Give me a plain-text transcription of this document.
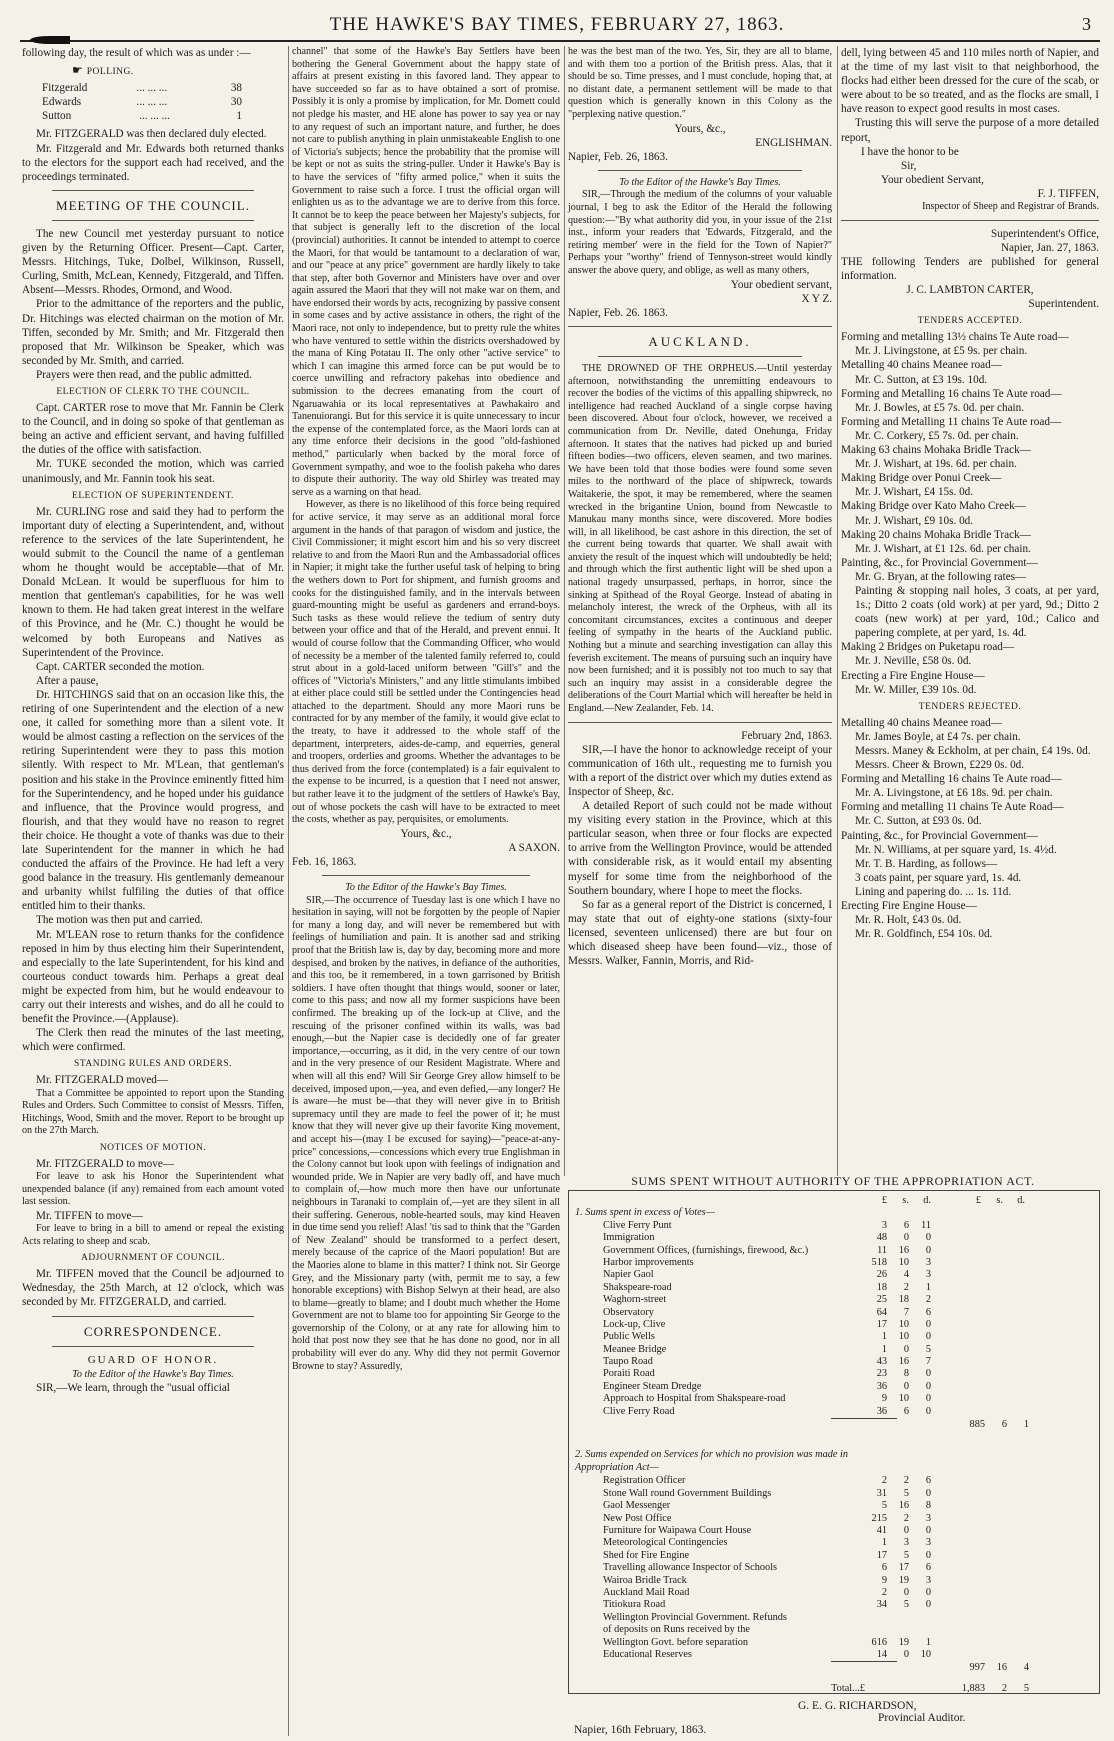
THE HAWKE'S BAY TIMES, FEBRUARY 27, 1863.	3

following day, the result of which was as under :—

☛ POLLING.
Fitzgerald	... ... ...	38
Edwards	... ... ...	30
Sutton	... ... ...	1

Mr. FITZGERALD was then declared duly elected.

Mr. Fitzgerald and Mr. Edwards both returned thanks to the electors for the support each had received, and the proceedings terminated.

MEETING OF THE COUNCIL.

The new Council met yesterday pursuant to notice given by the Returning Officer. Present—Capt. Carter, Messrs. Hitchings, Tuke, Dolbel, Wilkinson, Russell, Curling, Smith, McLean, Kennedy, Fitzgerald, and Tiffen. Absent—Messrs. Rhodes, Ormond, and Wood.

Prior to the admittance of the reporters and the public, Dr. Hitchings was elected chairman on the motion of Mr. Tiffen, seconded by Mr. Smith; and Mr. Fitzgerald then proposed that Mr. Wilkinson be Speaker, which was seconded by Mr. Smith, and carried.

Prayers were then read, and the public admitted.

ELECTION OF CLERK TO THE COUNCIL.

Capt. CARTER rose to move that Mr. Fannin be Clerk to the Council, and in doing so spoke of that gentleman as being an active and efficient servant, and having fulfilled the duties of the office with satisfaction.

Mr. TUKE seconded the motion, which was carried unanimously, and Mr. Fannin took his seat.

ELECTION OF SUPERINTENDENT.

Mr. CURLING rose and said they had to perform the important duty of electing a Superintendent, and, without reference to the services of the late Superintendent, he would submit to the Council the name of a gentleman whom he thought would be acceptable—that of Mr. Donald McLean. It would be superfluous for him to mention that gentleman's capabilities, for he was well known to them. He had taken great interest in the welfare of this Province, and he (Mr. C.) thought he would be welcomed by both Europeans and Natives as Superintendent of the Province.

Capt. CARTER seconded the motion.

After a pause,

Dr. HITCHINGS said that on an occasion like this, the retiring of one Superintendent and the election of a new one, it called for something more than a silent vote. It would be almost casting a reflection on the services of the retiring Superintendent were they to pass this motion silently. With respect to Mr. M'Lean, that gentleman's position and his stake in the Province eminently fitted him for the Superintendency, and he hoped under his guidance and influence, that the Province would progress, and flourish, and that they would have no reason to regret their choice. He thought a vote of thanks was due to their late Superintendent for the manner in which he had conducted the affairs of the Province. He had left a very good balance in the treasury. His gentlemanly demeanour and urbanity whilst fulfiling the duties of that office entitled him to their thanks.

The motion was then put and carried.

Mr. M'LEAN rose to return thanks for the confidence reposed in him by thus electing him their Superintendent, and especially to the late Superintendent, for his kind and courteous conduct towards him. Perhaps a great deal might be expected from him, but he would endeavour to carry out their interests and wishes, and do all he could to benefit the Province.—(Applause).

The Clerk then read the minutes of the last meeting, which were confirmed.

STANDING RULES AND ORDERS.

Mr. FITZGERALD moved—

That a Committee be appointed to report upon the Standing Rules and Orders. Such Committee to consist of Messrs. Tiffen, Hitchings, Wood, Smith and the mover. Report to be brought up on the 27th March.

NOTICES OF MOTION.

Mr. FITZGERALD to move—

For leave to ask his Honor the Superintendent what unexpended balance (if any) remained from each amount voted last session.

Mr. TIFFEN to move—

For leave to bring in a bill to amend or repeal the existing Acts relating to sheep and scab.

ADJOURNMENT OF COUNCIL.

Mr. TIFFEN moved that the Council be adjourned to Wednesday, the 25th March, at 12 o'clock, which was seconded by Mr. FITZGERALD, and carried.

CORRESPONDENCE.
GUARD OF HONOR.

To the Editor of the Hawke's Bay Times.

SIR,—We learn, through the "usual official

channel" that some of the Hawke's Bay Settlers have been bothering the General Government about the happy state of affairs at present existing in this favored land. They appear to have succeeded so far as to have obtained a sort of promise. Possibly it is only a promise by implication, for Mr. Domett could not pledge his master, and HE alone has power to say yea or nay to any request of such an important nature, and further, he does not care to publish anything in plain unmistakeable English to one of Victoria's subjects; hence the probability that the promise will be kept or not as suits the string-puller. Under it Hawke's Bay is to have the services of "fifty armed police," when it suits the Government to raise such a force. I trust the official organ will enlighten us as to the advantage we are to derive from this force. It cannot be to keep the peace between her Majesty's subjects, for that subject is generally left to the discretion of the local (provincial) authorities. It cannot be intended to attempt to coerce the Maori, for that would be tantamount to a declaration of war, and our "peace at any price" government are hardly likely to take that step, after both Governor and Ministers have over and over again assured the Maori that they will not make war on them, and have endorsed their words by acts, recognizing by passive consent in some cases and by active assistance in others, the right of the Maori race, not only to independence, but to pretty rule the whites who have ventured to settle within the districts overshadowed by the mana of King Potatau II. The only other "active service" to which I can imagine this armed force can be put would be to coerce unwilling and refractory pakehas into obedience and submission to the decrees emanating from the court of Ngaruawahia or its local representatives at Pawhakairo and Tanenuiorangi. But for this service it is quite unnecessary to incur the expense of the contemplated force, as the Maori lords can at any time enforce their decisions in the good "old-fashioned method," particularly when backed by the moral force of Government sympathy, and woe to the foolish pakeha who dares to dispute their authority. The way old Shirley was treated may serve as a warning on that head.

However, as there is no likelihood of this force being required for active service, it may serve as an additional moral force argument in the hands of that paragon of wisdom and justice, the Civil Commissioner; it might escort him and his so very discreet relative to and from the Maori Run and the Ambassadorial offices in Napier; it might take the further useful task of helping to bring the wethers down to Port for shipment, and furnish grooms and cooks for the distinguished family, and in the intervals between guard-mounting might be useful as gardeners and errand-boys. Such tasks as these would relieve the tedium of sentry duty between your office and that of the Herald, and prevent ennui. It would of course follow that the Commanding Officer, who would of necessity be a member of the talented family referred to, could strut about in a gold-laced uniform between "Gill's" and the offices of "Victoria's Ministers," and any little stimulants imbibed at either place could still be settled under the Contingencies head attached to the department. Should any more Maori runs be contracted for by any member of the family, it would give eclat to the treaty, to have it addressed to the whole staff of the department, interpreters, aides-de-camp, and equerries, general and troopers, orderlies and grooms. Whether the advantages to be thus derived from the force (contemplated) is a fair equivalent to the expense to be incurred, is a question that I need not answer, but rather leave it to the judgment of the settlers of Hawke's Bay, out of whose pockets the cash will have to be extracted to meet the costs, whether as pay, perquisites, or emoluments.

Yours, &c.,

A SAXON.

Feb. 16, 1863.

To the Editor of the Hawke's Bay Times.

SIR,—The occurrence of Tuesday last is one which I have no hesitation in saying, will not be forgotten by the people of Napier for many a long day, and will never be remembered but with feelings of humiliation and pain. It is another sad and striking proof that the British law is, day by day, becoming more and more despised, and broken by the natives, in defiance of the authorities, and this too, be it remembered, in a town garrisoned by British soldiers. I have often thought that things would, sooner or later, come to this pass; and now all my former suspicions have been confirmed. The breaking up of the lock-up at Clive, and the rescuing of the prisoner confined within its walls, was bad enough,—but the Napier case is decidedly one of far greater importance,—occurring, as it did, in the very centre of our town and in the very presence of our Resident Magistrate. Where and when will all this end? Will Sir George Grey allow himself to be deceived, imposed upon,—yea, and even defied,—any longer? He is aware—he must be—that they will never give in to British supremacy until they are made to feel the power of it; he must know that they will never give up their favorite King movement, and accept his—(may I be excused for saying)—"peace-at-any-price" concessions,—concessions which every true Englishman in the Colony cannot but look upon with feelings of indignation and wounded pride. We in Napier are very badly off, and have much to complain of,—how much more then have our unfortunate neighbours in Taranaki to complain of,—yet are they silent in all their suffering. Generous, noble-hearted souls, may kind Heaven in due time send you relief! Alas! 'tis sad to think that the "Garden of New Zealand" should be transformed to a perfect desert, merely because of the caprice of the Maori population! But are the Maories alone to blame in this matter? I think not. Sir George Grey, and the Missionary party (with, permit me to say, a few honorable exceptions) with Bishop Selwyn at their head, are also to blame—greatly to blame; and I doubt much whether the Home Government are not to blame too for appointing Sir George to the governorship of the Colony, or at any rate for allowing him to hold that post now they see that he has done no good, nor in all probability will ever do any. Why did they not permit Governor Browne to stay? Assuredly,

he was the best man of the two. Yes, Sir, they are all to blame, and with them too a portion of the British press. Alas, that it should be so. Time presses, and I must conclude, hoping that, at no distant date, a permanent settlement will be made to that question which is generally known in this Colony as the "perplexing native question."

Yours, &c.,

ENGLISHMAN.

Napier, Feb. 26, 1863.

To the Editor of the Hawke's Bay Times.

SIR,—Through the medium of the columns of your valuable journal, I beg to ask the Editor of the Herald the following question:—"By what authority did you, in your issue of the 21st inst., inform your readers that 'Edwards, Fitzgerald, and the retiring member' were in the field for the Town of Napier?" Perhaps your "worthy" friend of Tennyson-street would kindly answer the above query, and oblige, as well as many others,

Your obedient servant,

X Y Z.

Napier, Feb. 26. 1863.

AUCKLAND.

THE DROWNED OF THE ORPHEUS.—Until yesterday afternoon, notwithstanding the unremitting endeavours to recover the bodies of the victims of this appalling shipwreck, no intelligence had reached Auckland of a single corpse having been discovered. About four o'clock, however, we received a communication from Dr. Neville, dated Onehunga, Friday afternoon. It states that the natives had picked up and buried fifteen bodies—two officers, eleven seamen, and two marines. We have been told that those bodies were found some seven miles to the northward of the place of shipwreck, towards Waitakerie, the spot, it may be remembered, where the seamen wrecked in the brigantine Union, bound from Newcastle to Manukau many months since, were discovered. More bodies will, in all likelihood, be cast ashore in this direction, the set of the current being towards that quarter. We shall await with anxiety the result of the inquest which will undoubtedly be held; and through which the first authentic light will be shed upon a national tragedy unsurpassed, perhaps, in horror, since the sinking at Spithead of the Royal George. Instead of abating in melancholy interest, the wreck of the Orpheus, with all its concomitant circumstances, excites a continuous and deeper feeling of sympathy in the hearts of the Auckland public. Nothing but a minute and searching investigation can allay this feverish excitement. The means of pursuing such an inquiry have now been furnished; and it is possibly not too much to say that such an inquiry may assist in a considerable degree the deliberations of the Court Martial which will hereafter be held in England.—New Zealander, Feb. 14.

February 2nd, 1863.

SIR,—I have the honor to acknowledge receipt of your communication of 16th ult., requesting me to furnish you with a report of the district over which my duties extend as Inspector of Sheep, &c.

A detailed Report of such could not be made without my visiting every station in the Province, which at this particular season, when three or four flocks are expected to arrive from the Wellington Province, would be attended with considerable risk, as it would entail my absenting myself for some time from the neighborhood of the Southern boundary, where I hope to meet the flocks.

So far as a general report of the District is concerned, I may state that out of eighty-one stations (sixty-four licensed, seventeen unlicensed) there are but four on which diseased sheep have been found—viz., those of Messrs. Walker, Fannin, Morris, and Rid-

dell, lying between 45 and 110 miles north of Napier, and at the time of my last visit to that neighborhood, the flocks had either been dressed for the cure of the scab, or were about to be so treated, and as the flocks are small, I have reason to expect good results in most cases.

Trusting this will serve the purpose of a more detailed report,

I have the honor to be

Sir,

Your obedient Servant,

F. J. TIFFEN,

Inspector of Sheep and Registrar of Brands.

Superintendent's Office,

Napier, Jan. 27, 1863.

THE following Tenders are published for general information.

J. C. LAMBTON CARTER,

Superintendent.

TENDERS ACCEPTED.

Forming and metalling 13½ chains Te Aute road—

Mr. J. Livingstone, at £5 9s. per chain.

Metalling 40 chains Meanee road—

Mr. C. Sutton, at £3 19s. 10d.

Forming and Metalling 16 chains Te Aute road—

Mr. J. Bowles, at £5 7s. 0d. per chain.

Forming and Metalling 11 chains Te Aute road—

Mr. C. Corkery, £5 7s. 0d. per chain.

Making 63 chains Mohaka Bridle Track—

Mr. J. Wishart, at 19s. 6d. per chain.

Making Bridge over Ponui Creek—

Mr. J. Wishart, £4 15s. 0d.

Making Bridge over Kato Maho Creek—

Mr. J. Wishart, £9 10s. 0d.

Making 20 chains Mohaka Bridle Track—

Mr. J. Wishart, at £1 12s. 6d. per chain.

Painting, &c., for Provincial Government—

Mr. G. Bryan, at the following rates—

Painting & stopping nail holes, 3 coats, at per yard, 1s.; Ditto 2 coats (old work) at per yard, 9d.; Ditto 2 coats (new work) at per yard, 10d.; Calico and papering complete, at per yard, 1s. 4d.

Making 2 Bridges on Puketapu road—

Mr. J. Neville, £58 0s. 0d.

Erecting a Fire Engine House—

Mr. W. Miller, £39 10s. 0d.

TENDERS REJECTED.

Metalling 40 chains Meanee road—

Mr. James Boyle, at £4 7s. per chain.

Messrs. Maney & Eckholm, at per chain, £4 19s. 0d.

Messrs. Cheer & Brown, £229 0s. 0d.

Forming and Metalling 16 chains Te Aute road—

Mr. A. Livingstone, at £6 18s. 9d. per chain.

Forming and metalling 11 chains Te Aute Road—

Mr. C. Sutton, at £93 0s. 0d.

Painting, &c., for Provincial Government—

Mr. N. Williams, at per square yard, 1s. 4½d.

Mr. T. B. Harding, as follows—

3 coats paint, per square yard, 1s. 4d.

Lining and papering do. ... 1s. 11d.

Erecting Fire Engine House—

Mr. R. Holt, £43 0s. 0d.

Mr. R. Goldfinch, £54 10s. 0d.

SUMS SPENT WITHOUT AUTHORITY OF THE APPROPRIATION ACT.
£	s.	d.	£	s.	d.
1. Sums spent in excess of Votes—
Clive Ferry Punt	3	6	11
Immigration	48	0	0
Government Offices, (furnishings, firewood, &c.)	11	16	0
Harbor improvements	518	10	3
Napier Gaol	26	4	3
Shakspeare-road	18	2	1
Waghorn-street	25	18	2
Observatory	64	7	6
Lock-up, Clive	17	10	0
Public Wells	1	10	0
Meanee Bridge	1	0	5
Taupo Road	43	16	7
Poraiti Road	23	8	0
Engineer Steam Dredge	36	0	0
Approach to Hospital from Shakspeare-road	9	10	0
Clive Ferry Road	36	6	0
885	6	1
2. Sums expended on Services for which no provision was made in Appropriation Act—
Registration Officer	2	2	6
Stone Wall round Government Buildings	31	5	0
Gaol Messenger	5	16	8
New Post Office	215	2	3
Furniture for Waipawa Court House	41	0	0
Meteorological Contingencies	1	3	3
Shed for Fire Engine	17	5	0
Travelling allowance Inspector of Schools	6	17	6
Wairoa Bridle Track	9	19	3
Auckland Mail Road	2	0	0
Titiokura Road	34	5	0
Wellington Provincial Government. Refunds
of deposits on Runs received by the
Wellington Govt. before separation	616	19	1
Educational Reserves	14	0	10
997	16	4
Total...£	1,883	2	5
G. E. G. RICHARDSON,
Provincial Auditor.
Napier, 16th February, 1863.
